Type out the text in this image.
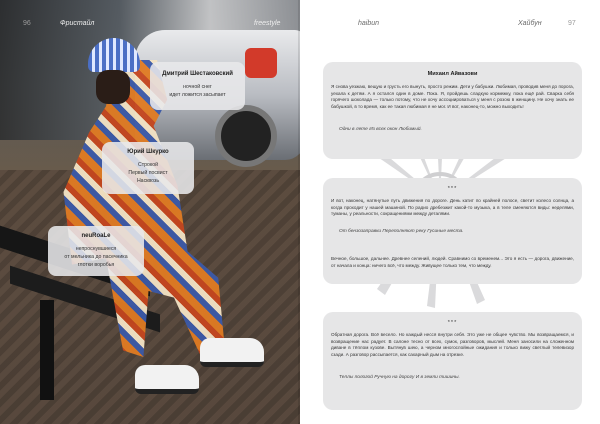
96	Фристайл	freestyle
Дмитрий Шестаковский
ночной снег
идет ложится засыпает
Юрий Шкурко
Строкой
Первый посвист
Насквозь
neuRoaLe
непроснувшиеся
от мельника до пасечника
глотки воробья
haibun	Хайбун	97
Михаил Айвазови
Я снова уезжаю, вещую и грусть его вынуть, просто режим. Дети у бабушки. Любимая, проводив меня до порога, уехала к детям. А я остался один в доме. Пока. Я, пройдешь сладкую кормежку, пока ещё рай. Сварка себя горячего шоколада — только потому, что не хочу ассоциироваться у меня с розою в женщину. Не хочу знать ее бабушкой, в то время, как ее такая любимая я не мог. И вот, наконец-то, можно выходить!
Одни в лете Из всех окон Любимый.
***
И вот, наконец, натянутые путь движения по дороге. День катит по крайней полосе, светит колесо солнца, а когда проходит у нашей машиной. По радио дребезжит какой-то музыка, а в теле сменяются виды: неделями, туманы, у реальности, сокращениями между деталями.
От бензозаправки Переполняют реку Гусиные места.
Вечное, большое, дальнее. Древнее селений, людей. Сравнимо со временем... Это я есть — дорога, движение, от начала и конца: ничего всё, что между. Живущее только тем, что между.
***
Обратная дорога. Всё весело. Но каждый несся внутри себя. Это уже не общее чувство. Мы возвращаемся, и возвращение нас радует. В салоне тесно от всех, сумок, разговоров, мыслей. Меня заносили на сложенном диване в тёплом кузове. Вытянув шею, а черном многослойные ожидания и только вижу светлый телевизор сзади. А разговор рассыпается, как сахарный дым на отрезке.
Теплы пологой Ручную на дорогу И в земли тишины.
